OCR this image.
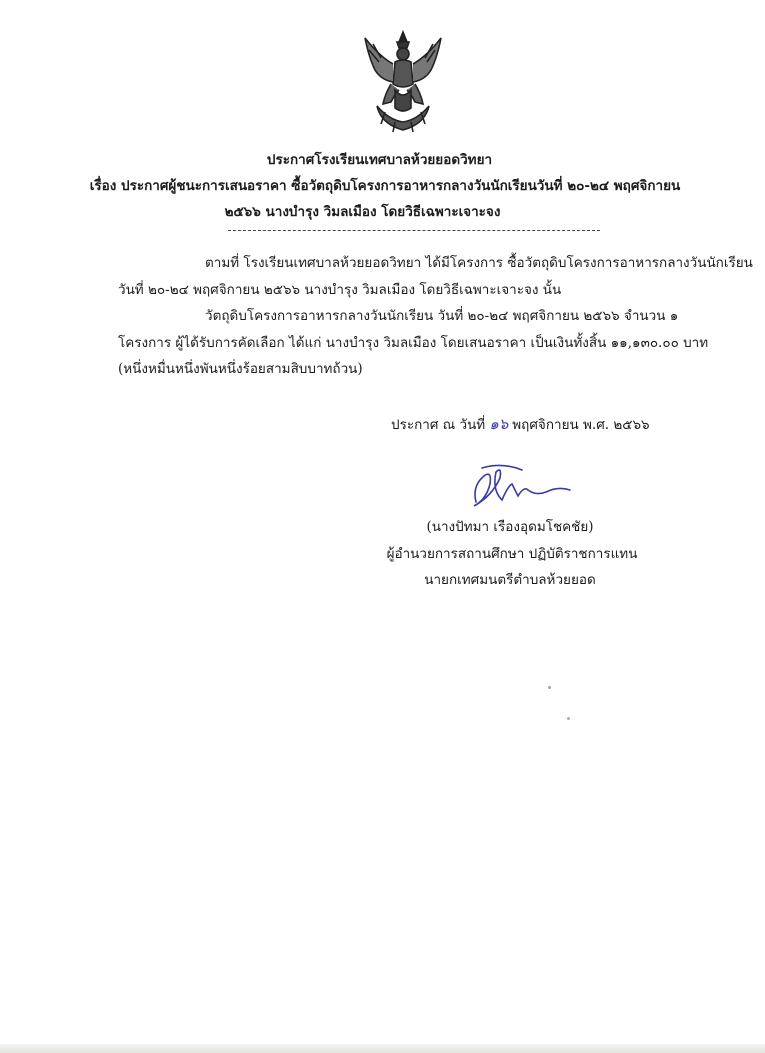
ประกาศโรงเรียนเทศบาลห้วยยอดวิทยา
เรื่อง ประกาศผู้ชนะการเสนอราคา ซื้อวัตถุดิบโครงการอาหารกลางวันนักเรียนวันที่ ๒๐-๒๔ พฤศจิกายน
๒๕๖๖ นางบำรุง วิมลเมือง โดยวิธีเฉพาะเจาะจง
ตามที่ โรงเรียนเทศบาลห้วยยอดวิทยา ได้มีโครงการ ซื้อวัตถุดิบโครงการอาหารกลางวันนักเรียน
วันที่ ๒๐-๒๔ พฤศจิกายน ๒๕๖๖ นางบำรุง วิมลเมือง โดยวิธีเฉพาะเจาะจง นั้น
วัตถุดิบโครงการอาหารกลางวันนักเรียน วันที่ ๒๐-๒๔ พฤศจิกายน ๒๕๖๖ จำนวน ๑
โครงการ ผู้ได้รับการคัดเลือก ได้แก่ นางบำรุง วิมลเมือง โดยเสนอราคา เป็นเงินทั้งสิ้น ๑๑,๑๓๐.๐๐ บาท
(หนึ่งหมื่นหนึ่งพันหนึ่งร้อยสามสิบบาทถ้วน)
ประกาศ ณ วันที่ ๑๖ พฤศจิกายน พ.ศ. ๒๕๖๖
(นางปัทมา เรืองอุดมโชคชัย)
ผู้อำนวยการสถานศึกษา ปฏิบัติราชการแทน
นายกเทศมนตรีตำบลห้วยยอด
